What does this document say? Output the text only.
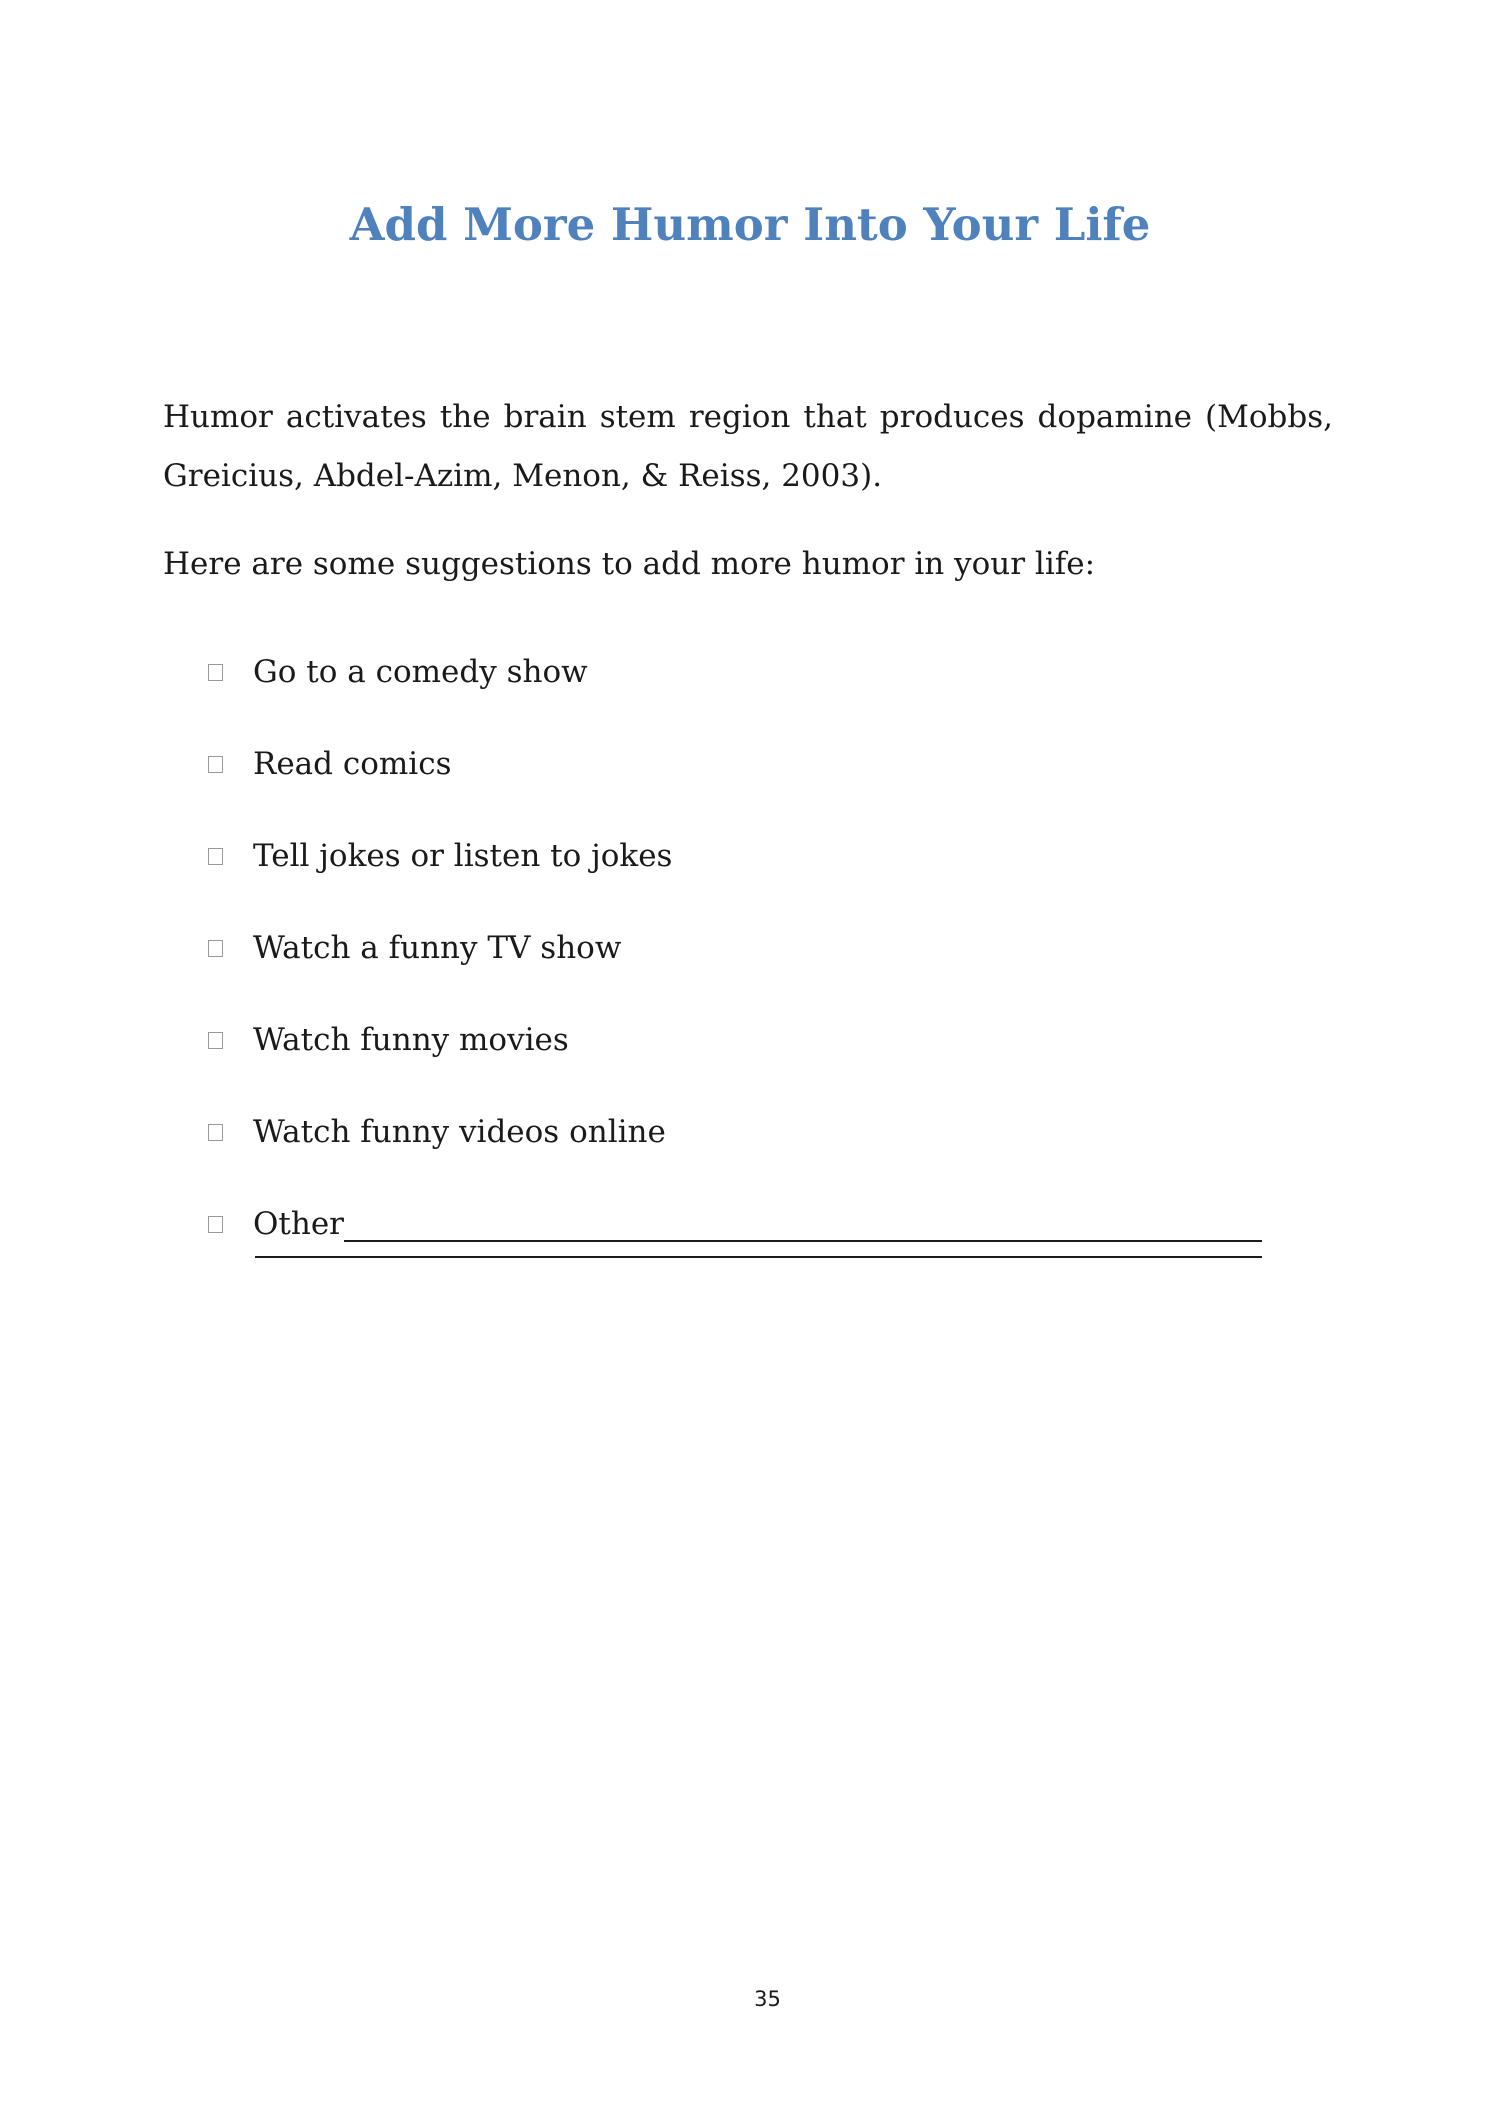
Add More Humor Into Your Life

Humor activates the brain stem region that produces dopamine (Mobbs, Greicius, Abdel-Azim, Menon, & Reiss, 2003).

Here are some suggestions to add more humor in your life:

Go to a comedy show
Read comics
Tell jokes or listen to jokes
Watch a funny TV show
Watch funny movies
Watch funny videos online
Other
35
